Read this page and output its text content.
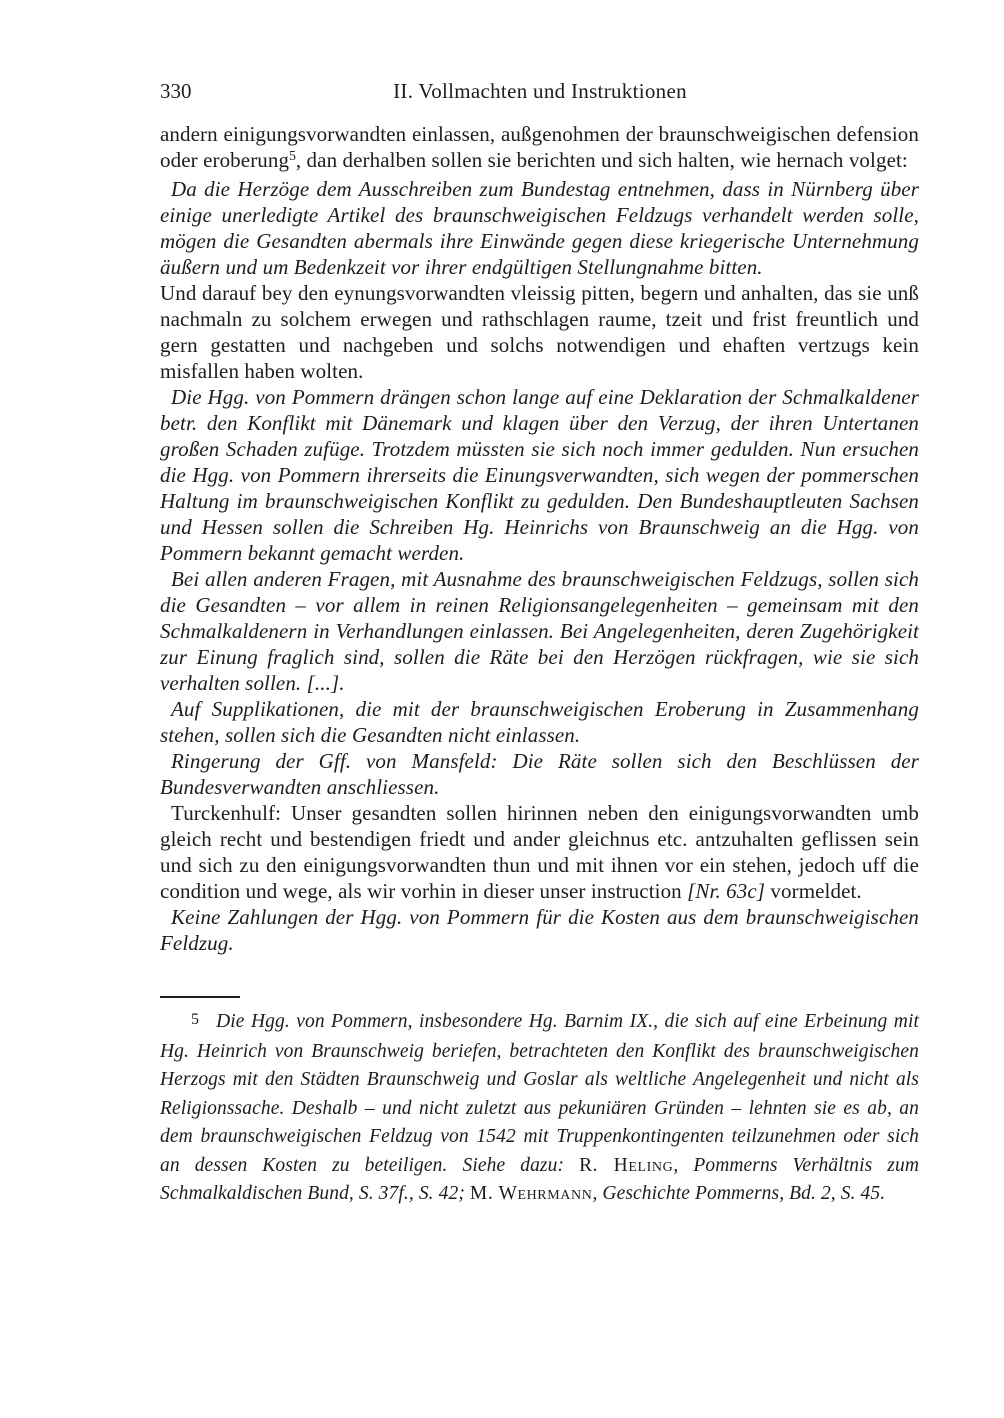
330	II. Vollmachten und Instruktionen

andern einigungsvorwandten einlassen, außgenohmen der braunschweigischen defension oder eroberung$^5$, dan derhalben sollen sie berichten und sich halten, wie hernach volget:

Da die Herzöge dem Ausschreiben zum Bundestag entnehmen, dass in Nürnberg über einige unerledigte Artikel des braunschweigischen Feldzugs verhandelt werden solle, mögen die Gesandten abermals ihre Einwände gegen diese kriegerische Unternehmung äußern und um Bedenkzeit vor ihrer endgültigen Stellungnahme bitten.

Und darauf bey den eynungsvorwandten vleissig pitten, begern und anhalten, das sie unß nachmaln zu solchem erwegen und rathschlagen raume, tzeit und frist freuntlich und gern gestatten und nachgeben und solchs notwendigen und ehaften vertzugs kein misfallen haben wolten.

Die Hgg. von Pommern drängen schon lange auf eine Deklaration der Schmalkaldener betr. den Konflikt mit Dänemark und klagen über den Verzug, der ihren Untertanen großen Schaden zufüge. Trotzdem müssten sie sich noch immer gedulden. Nun ersuchen die Hgg. von Pommern ihrerseits die Einungsverwandten, sich wegen der pommerschen Haltung im braunschweigischen Konflikt zu gedulden. Den Bundeshauptleuten Sachsen und Hessen sollen die Schreiben Hg. Heinrichs von Braunschweig an die Hgg. von Pommern bekannt gemacht werden.

Bei allen anderen Fragen, mit Ausnahme des braunschweigischen Feldzugs, sollen sich die Gesandten – vor allem in reinen Religionsangelegenheiten – gemeinsam mit den Schmalkaldenern in Verhandlungen einlassen. Bei Angelegenheiten, deren Zugehörigkeit zur Einung fraglich sind, sollen die Räte bei den Herzögen rückfragen, wie sie sich verhalten sollen. [...].

Auf Supplikationen, die mit der braunschweigischen Eroberung in Zusammenhang stehen, sollen sich die Gesandten nicht einlassen.

Ringerung der Gff. von Mansfeld: Die Räte sollen sich den Beschlüssen der Bundesverwandten anschliessen.

Turckenhulf: Unser gesandten sollen hirinnen neben den einigungsvorwandten umb gleich recht und bestendigen friedt und ander gleichnus etc. antzuhalten geflissen sein und sich zu den einigungsvorwandten thun und mit ihnen vor ein stehen, jedoch uff die condition und wege, als wir vorhin in dieser unser instruction [Nr. 63c] vormeldet.

Keine Zahlungen der Hgg. von Pommern für die Kosten aus dem braunschweigischen Feldzug.

5 Die Hgg. von Pommern, insbesondere Hg. Barnim IX., die sich auf eine Erbeinung mit Hg. Heinrich von Braunschweig beriefen, betrachteten den Konflikt des braunschweigischen Herzogs mit den Städten Braunschweig und Goslar als weltliche Angelegenheit und nicht als Religionssache. Deshalb – und nicht zuletzt aus pekuniären Gründen – lehnten sie es ab, an dem braunschweigischen Feldzug von 1542 mit Truppenkontingenten teilzunehmen oder sich an dessen Kosten zu beteiligen. Siehe dazu: R. Heling, Pommerns Verhältnis zum Schmalkaldischen Bund, S. 37f., S. 42; M. Wehrmann, Geschichte Pommerns, Bd. 2, S. 45.
